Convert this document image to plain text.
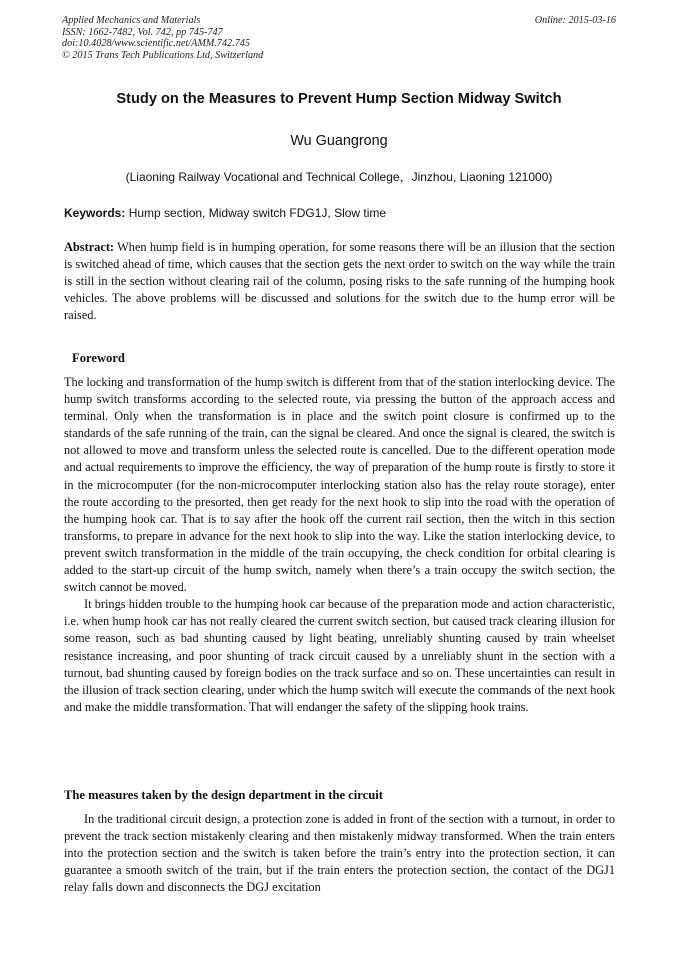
Applied Mechanics and Materials
ISSN: 1662-7482, Vol. 742, pp 745-747
doi:10.4028/www.scientific.net/AMM.742.745
© 2015 Trans Tech Publications Ltd, Switzerland
Online: 2015-03-16
Study on the Measures to Prevent Hump Section Midway Switch
Wu Guangrong
(Liaoning Railway Vocational and Technical College，Jinzhou, Liaoning 121000)
Keywords: Hump section, Midway switch FDG1J, Slow time

Abstract: When hump field is in humping operation, for some reasons there will be an illusion that the section is switched ahead of time, which causes that the section gets the next order to switch on the way while the train is still in the section without clearing rail of the column, posing risks to the safe running of the humping hook vehicles. The above problems will be discussed and solutions for the switch due to the hump error will be raised.

Foreword

The locking and transformation of the hump switch is different from that of the station interlocking device. The hump switch transforms according to the selected route, via pressing the button of the approach access and terminal. Only when the transformation is in place and the switch point closure is confirmed up to the standards of the safe running of the train, can the signal be cleared. And once the signal is cleared, the switch is not allowed to move and transform unless the selected route is cancelled. Due to the different operation mode and actual requirements to improve the efficiency, the way of preparation of the hump route is firstly to store it in the microcomputer (for the non-microcomputer interlocking station also has the relay route storage), enter the route according to the presorted, then get ready for the next hook to slip into the road with the operation of the humping hook car. That is to say after the hook off the current rail section, then the witch in this section transforms, to prepare in advance for the next hook to slip into the way. Like the station interlocking device, to prevent switch transformation in the middle of the train occupying, the check condition for orbital clearing is added to the start-up circuit of the hump switch, namely when there’s a train occupy the switch section, the switch cannot be moved.

It brings hidden trouble to the humping hook car because of the preparation mode and action characteristic, i.e. when hump hook car has not really cleared the current switch section, but caused track clearing illusion for some reason, such as bad shunting caused by light beating, unreliably shunting caused by train wheelset resistance increasing, and poor shunting of track circuit caused by a unreliably shunt in the section with a turnout, bad shunting caused by foreign bodies on the track surface and so on. These uncertainties can result in the illusion of track section clearing, under which the hump switch will execute the commands of the next hook and make the middle transformation. That will endanger the safety of the slipping hook trains.

The measures taken by the design department in the circuit

In the traditional circuit design, a protection zone is added in front of the section with a turnout, in order to prevent the track section mistakenly clearing and then mistakenly midway transformed. When the train enters into the protection section and the switch is taken before the train’s entry into the protection section, it can guarantee a smooth switch of the train, but if the train enters the protection section, the contact of the DGJ1 relay falls down and disconnects the DGJ excitation
